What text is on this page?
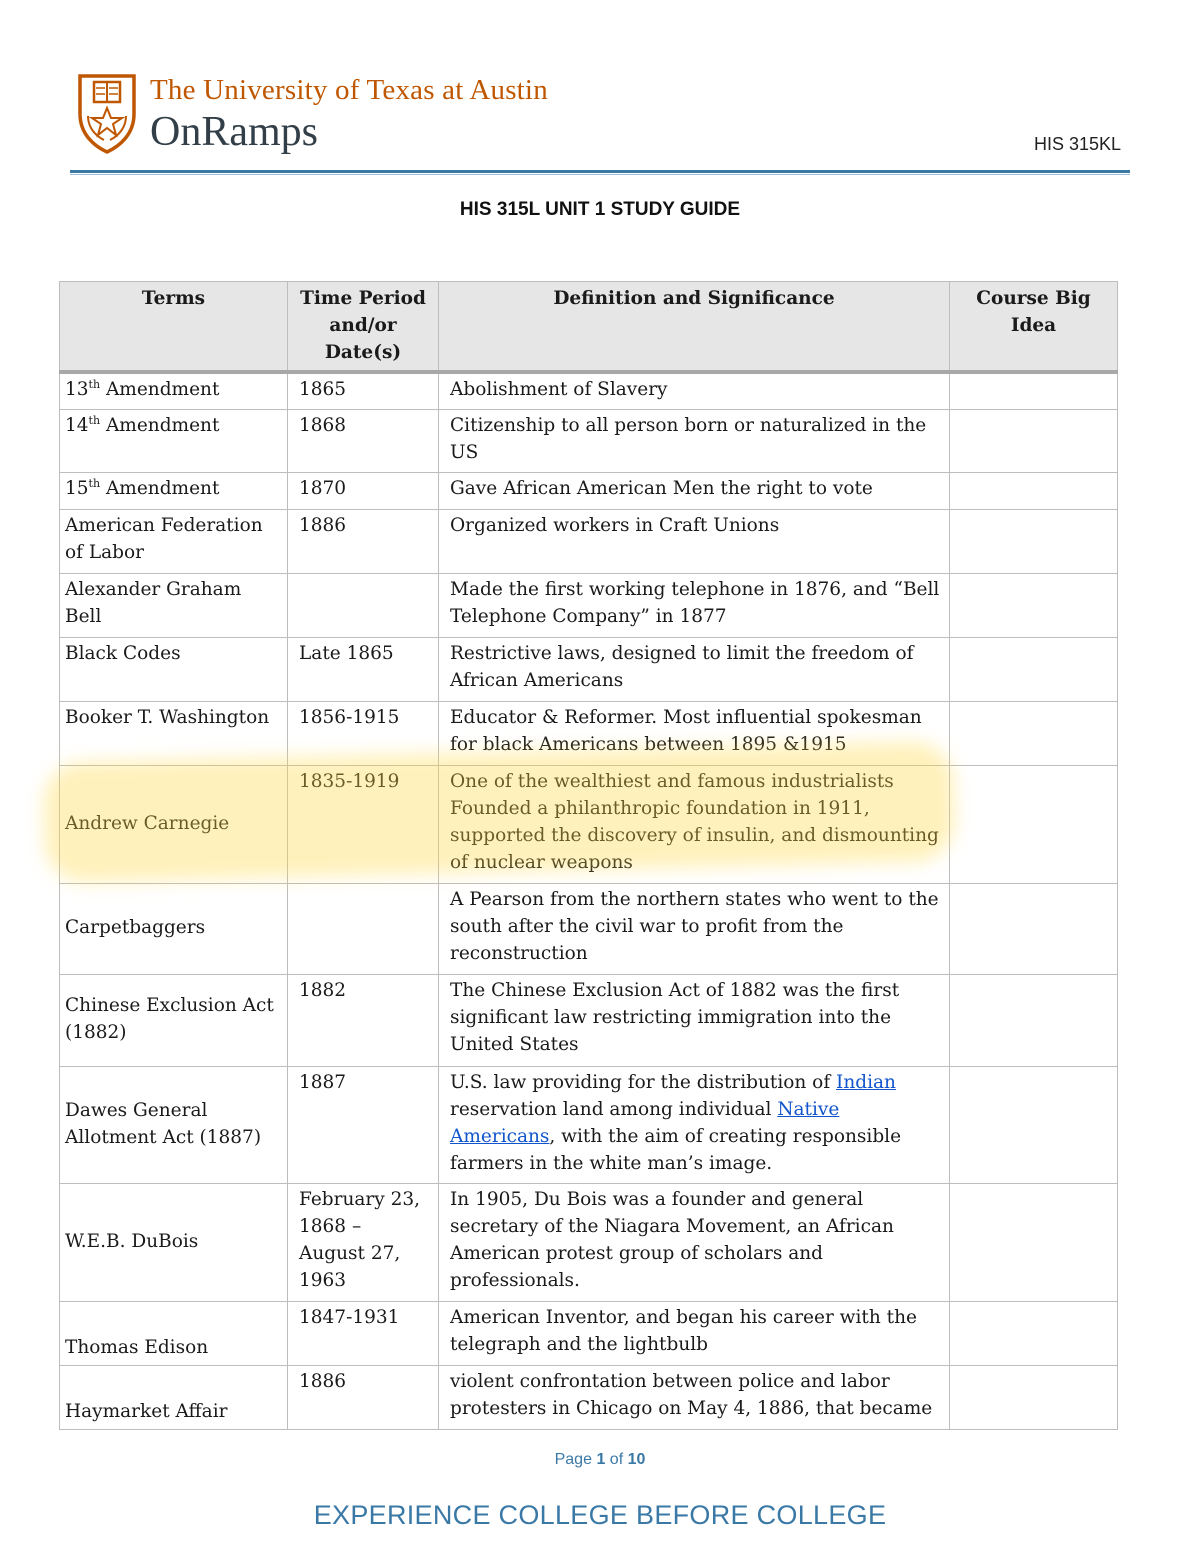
The University of Texas at Austin
OnRamps	HIS 315KL
HIS 315L UNIT 1 STUDY GUIDE
Terms	Time Period and/or Date(s)	Definition and Significance	Course Big Idea
13th Amendment	1865	Abolishment of Slavery	
14th Amendment	1868	Citizenship to all person born or naturalized in the US	
15th Amendment	1870	Gave African American Men the right to vote	
American Federation of Labor	1886	Organized workers in Craft Unions	
Alexander Graham Bell		Made the first working telephone in 1876, and “Bell Telephone Company” in 1877	
Black Codes	Late 1865	Restrictive laws, designed to limit the freedom of African Americans	
Booker T. Washington	1856-1915	Educator & Reformer. Most influential spokesman for black Americans between 1895 &1915	
Andrew Carnegie	1835-1919	One of the wealthiest and famous industrialists Founded a philanthropic foundation in 1911, supported the discovery of insulin, and dismounting of nuclear weapons	
Carpetbaggers		A Pearson from the northern states who went to the south after the civil war to profit from the reconstruction	
Chinese Exclusion Act (1882)	1882	The Chinese Exclusion Act of 1882 was the first significant law restricting immigration into the United States	
Dawes General Allotment Act (1887)	1887	U.S. law providing for the distribution of Indian reservation land among individual Native Americans, with the aim of creating responsible farmers in the white man’s image.	
W.E.B. DuBois	February 23, 1868 – August 27, 1963	In 1905, Du Bois was a founder and general secretary of the Niagara Movement, an African American protest group of scholars and professionals.	
Thomas Edison	1847-1931	American Inventor, and began his career with the telegraph and the lightbulb	
Haymarket Affair	1886	violent confrontation between police and labor protesters in Chicago on May 4, 1886, that became	
Page 1 of 10
EXPERIENCE COLLEGE BEFORE COLLEGE
